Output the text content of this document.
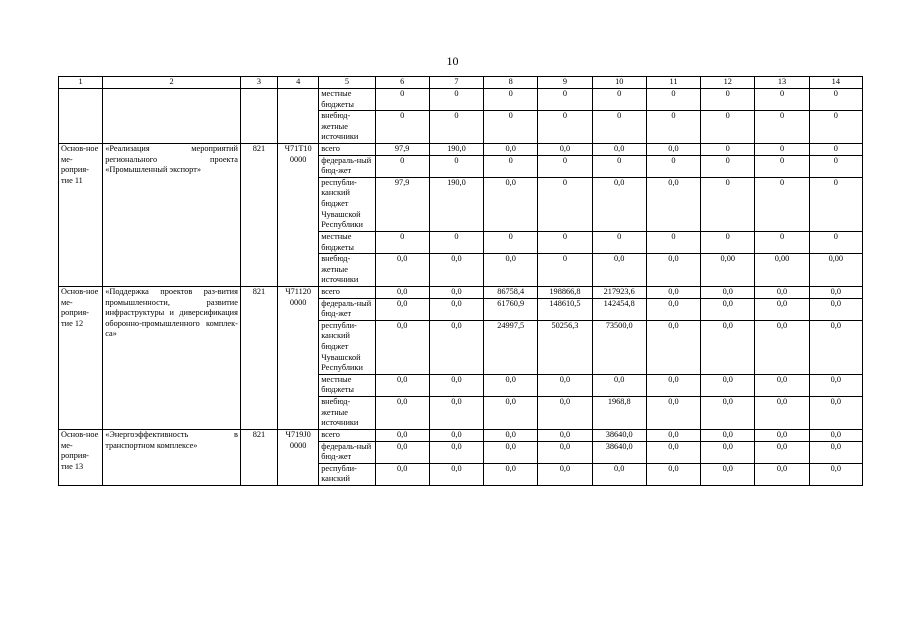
10
1	2	3	4	5	6	7	8	9	10	11	12	13	14
				местные бюджеты	0	0	0	0	0	0	0	0	0
				внебюд-жетные источники	0	0	0	0	0	0	0	0	0
Основ-ное ме-роприя-тие 11	«Реализация мероприятий регионального проекта «Промышленный экспорт»	821	Ч71Т10 0000	всего	97,9	190,0	0,0	0,0	0,0	0,0	0	0	0
				федераль-ный бюд-жет	0	0	0	0	0	0	0	0	0
				республи-канский бюджет Чувашской Республики	97,9	190,0	0,0	0	0,0	0,0	0	0	0
				местные бюджеты	0	0	0	0	0	0	0	0	0
				внебюд-жетные источники	0,0	0,0	0,0	0	0,0	0,0	0,00	0,00	0,00
Основ-ное ме-роприя-тие 12	«Поддержка проектов раз-вития промышленности, развитие инфраструктуры и диверсификация оборонно-промышленного комплек-са»	821	Ч71120 0000	всего	0,0	0,0	86758,4	198866,8	217923,6	0,0	0,0	0,0	0,0
				федераль-ный бюд-жет	0,0	0,0	61760,9	148610,5	142454,8	0,0	0,0	0,0	0,0
				республи-канский бюджет Чувашской Республики	0,0	0,0	24997,5	50256,3	73500,0	0,0	0,0	0,0	0,0
				местные бюджеты	0,0	0,0	0,0	0,0	0,0	0,0	0,0	0,0	0,0
				внебюд-жетные источники	0,0	0,0	0,0	0,0	1968,8	0,0	0,0	0,0	0,0
Основ-ное ме-роприя-тие 13	«Энергоэффективность в транспортном комплексе»	821	Ч719J0 0000	всего	0,0	0,0	0,0	0,0	38640,0	0,0	0,0	0,0	0,0
				федераль-ный бюд-жет	0,0	0,0	0,0	0,0	38640,0	0,0	0,0	0,0	0,0
				республи-канский	0,0	0,0	0,0	0,0	0,0	0,0	0,0	0,0	0,0
